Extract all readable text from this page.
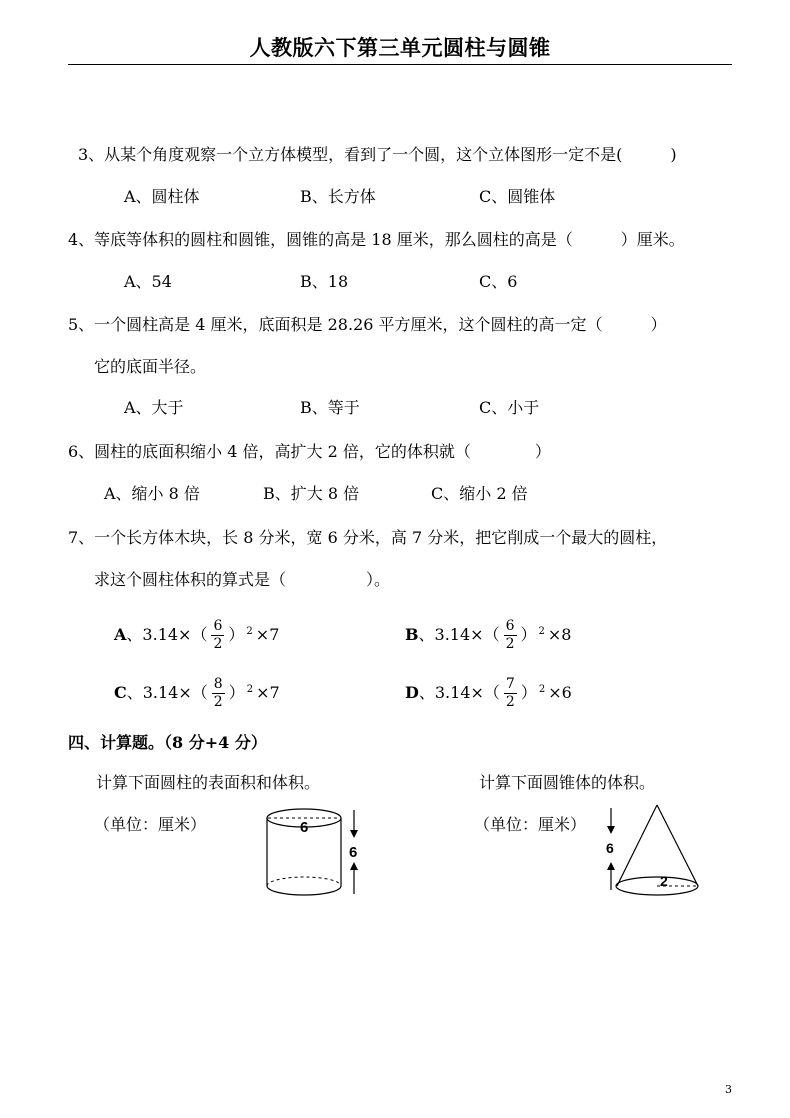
人教版六下第三单元圆柱与圆锥
3、从某个角度观察一个立方体模型，看到了一个圆，这个立体图形一定不是(　　　)
A、圆柱体	B、长方体	C、圆锥体
4、等底等体积的圆柱和圆锥，圆锥的高是 18 厘米，那么圆柱的高是（　　　）厘米。
A、54	B、18	C、6
5、一个圆柱高是 4 厘米，底面积是 28.26 平方厘米，这个圆柱的高一定（　　　）
它的底面半径。
A、大于	B、等于	C、小于
6、圆柱的底面积缩小 4 倍，高扩大 2 倍，它的体积就（　　　　）
A、缩小 8 倍	B、扩大 8 倍	C、缩小 2 倍
7、一个长方体木块，长 8 分米，宽 6 分米，高 7 分米，把它削成一个最大的圆柱，
求这个圆柱体积的算式是（　　　　　）。
A、$3.14\times( \frac{6}{2}$ ） $^2$ ×7	B、$3.14\times( \frac{6}{2}$ ） $^2$ ×8
C、$3.14\times( \frac{8}{2}$ ） $^2$ ×7	D、$3.14\times( \frac{7}{2}$ ） $^2$ ×6
四、计算题。（8 分+4 分）
计算下面圆柱的表面积和体积。
（单位：厘米）
计算下面圆锥体的体积。
（单位：厘米）
6
6
2
6
3
